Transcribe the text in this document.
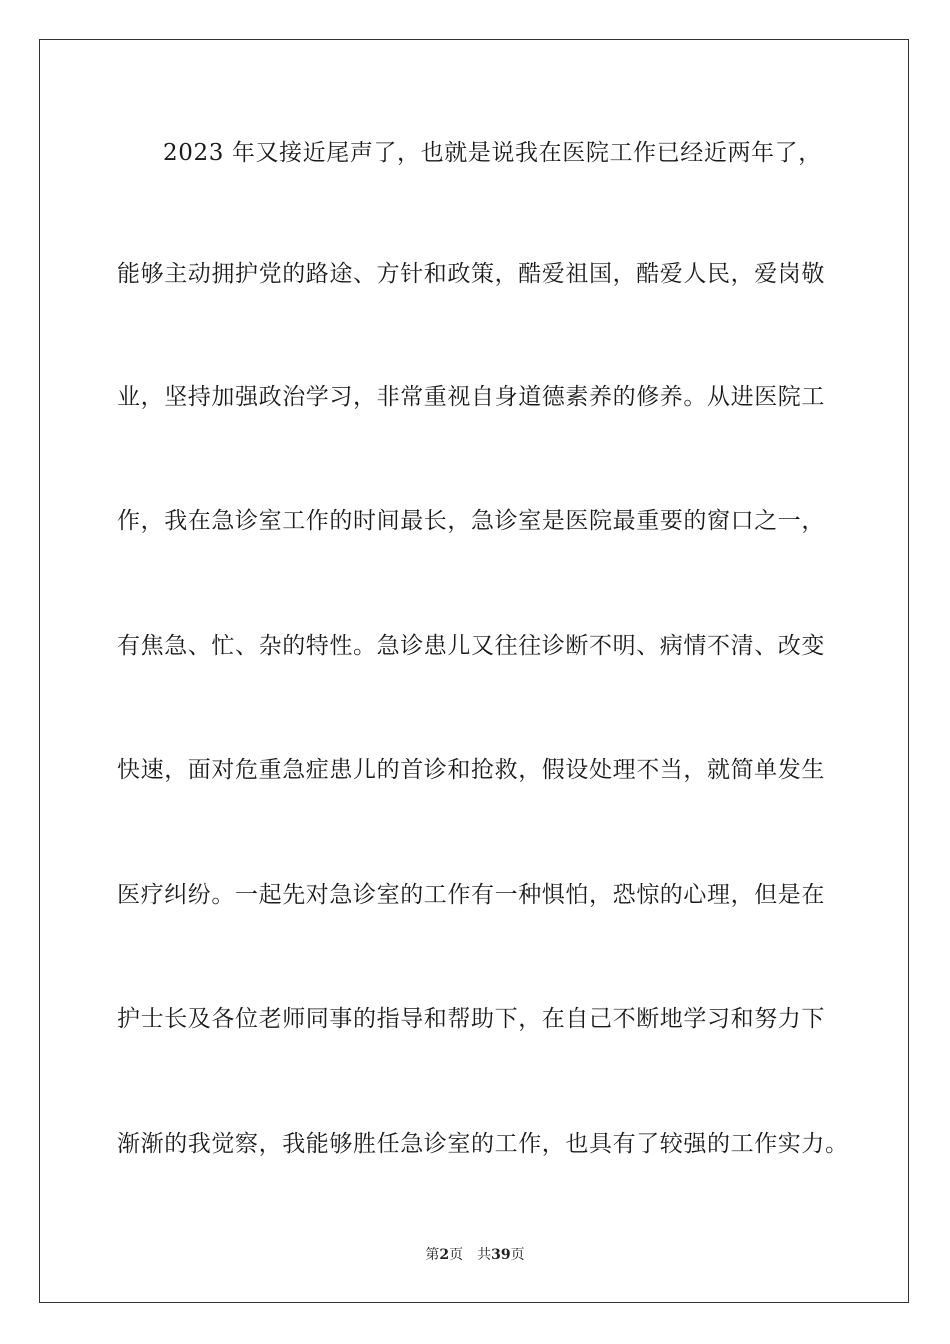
2023 年又接近尾声了，也就是说我在医院工作已经近两年了，
能够主动拥护党的路途、方针和政策，酷爱祖国，酷爱人民，爱岗敬
业，坚持加强政治学习，非常重视自身道德素养的修养。从进医院工
作，我在急诊室工作的时间最长，急诊室是医院最重要的窗口之一，
有焦急、忙、杂的特性。急诊患儿又往往诊断不明、病情不清、改变
快速，面对危重急症患儿的首诊和抢救，假设处理不当，就简单发生
医疗纠纷。一起先对急诊室的工作有一种惧怕，恐惊的心理，但是在
护士长及各位老师同事的指导和帮助下，在自己不断地学习和努力下
渐渐的我觉察，我能够胜任急诊室的工作，也具有了较强的工作实力。
第2页 共39页
